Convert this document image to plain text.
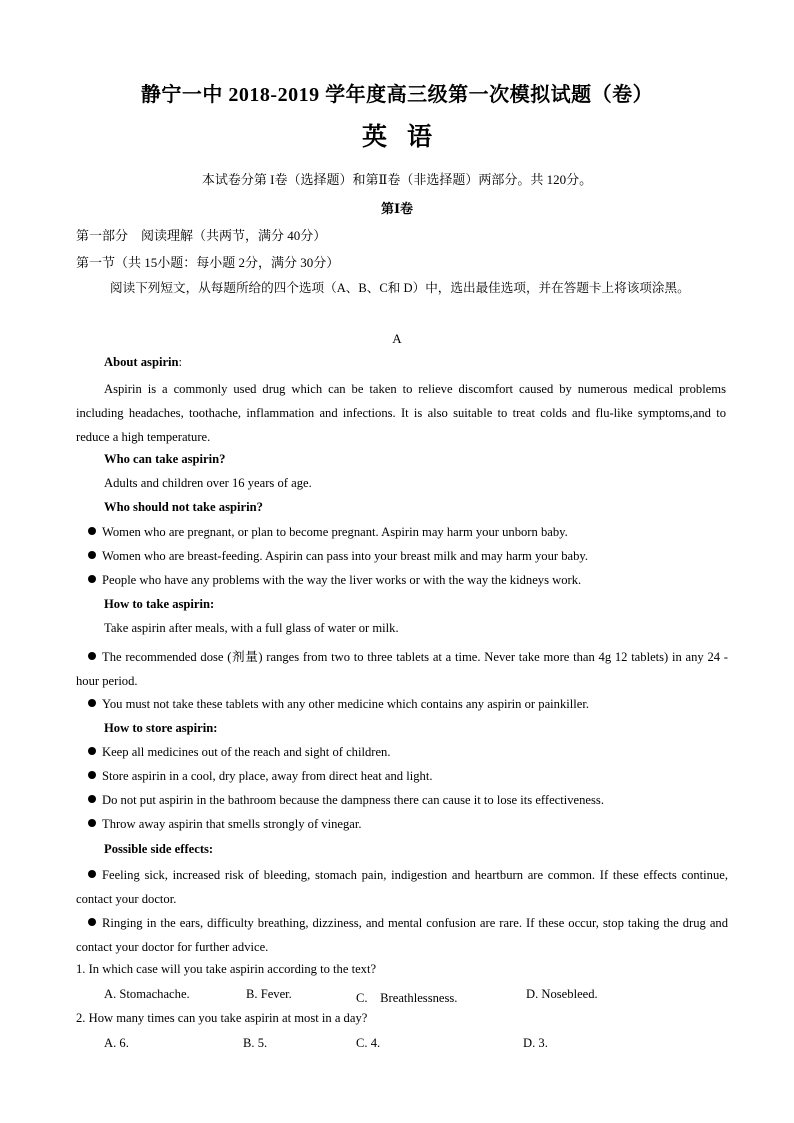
静宁一中 2018-2019 学年度高三级第一次模拟试题（卷）
英语
本试卷分第 I卷（选择题）和第Ⅱ卷（非选择题）两部分。共 120分。
第Ⅰ卷
第一部分　阅读理解（共两节，满分 40分）
第一节（共 15小题：每小题 2分，满分 30分）
阅读下列短文，从每题所给的四个选项（A、B、C和 D）中，选出最佳选项，并在答题卡上将该项涂黑。
A
About aspirin:
Aspirin is a commonly used drug which can be taken to relieve discomfort caused by numerous medical problems including headaches, toothache, inflammation and infections. It is also suitable to treat colds and flu-like symptoms,and to reduce a high temperature.
Who can take aspirin?
Adults and children over 16 years of age.
Who should not take aspirin?
Women who are pregnant, or plan to become pregnant. Aspirin may harm your unborn baby.
Women who are breast-feeding. Aspirin can pass into your breast milk and may harm your baby.
People who have any problems with the way the liver works or with the way the kidneys work.
How to take aspirin:
Take aspirin after meals, with a full glass of water or milk.
The recommended dose (剂量) ranges from two to three tablets at a time. Never take more than 4g 12 tablets) in any 24 -hour period.
You must not take these tablets with any other medicine which contains any aspirin or painkiller.
How to store aspirin:
Keep all medicines out of the reach and sight of children.
Store aspirin in a cool, dry place, away from direct heat and light.
Do not put aspirin in the bathroom because the dampness there can cause it to lose its effectiveness.
Throw away aspirin that smells strongly of vinegar.
Possible side effects:
Feeling sick, increased risk of bleeding, stomach pain, indigestion and heartburn are common. If these effects continue, contact your doctor.
Ringing in the ears, difficulty breathing, dizziness, and mental confusion are rare. If these occur, stop taking the drug and contact your doctor for further advice.
1. In which case will you take aspirin according to the text?
A. Stomachache.	B. Fever.	C.　Breathlessness.	D. Nosebleed.
2. How many times can you take aspirin at most in a day?
A. 6.	B. 5.	C. 4.	D. 3.
